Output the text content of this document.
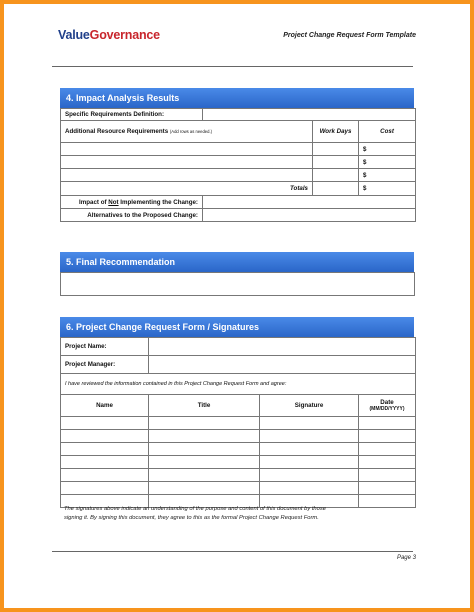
ValueGovernance	Project Change Request Form Template
4. Impact Analysis Results
Specific Requirements Definition:			
Additional Resource Requirements (Add rows as needed.)		Work Days	Cost
			$
			$
			$
Totals			$
Impact of Not Implementing the Change:			
Alternatives to the Proposed Change:			
5. Final Recommendation
6. Project Change Request Form / Signatures
Project Name:	
Project Manager:	
I have reviewed the information contained in this Project Change Request Form and agree:	
Name	Title	Signature	Date
(MM/DD/YYYY)

The signatures above indicate an understanding of the purpose and content of this document by those
signing it. By signing this document, they agree to this as the formal Project Change Request Form.
Page 3
